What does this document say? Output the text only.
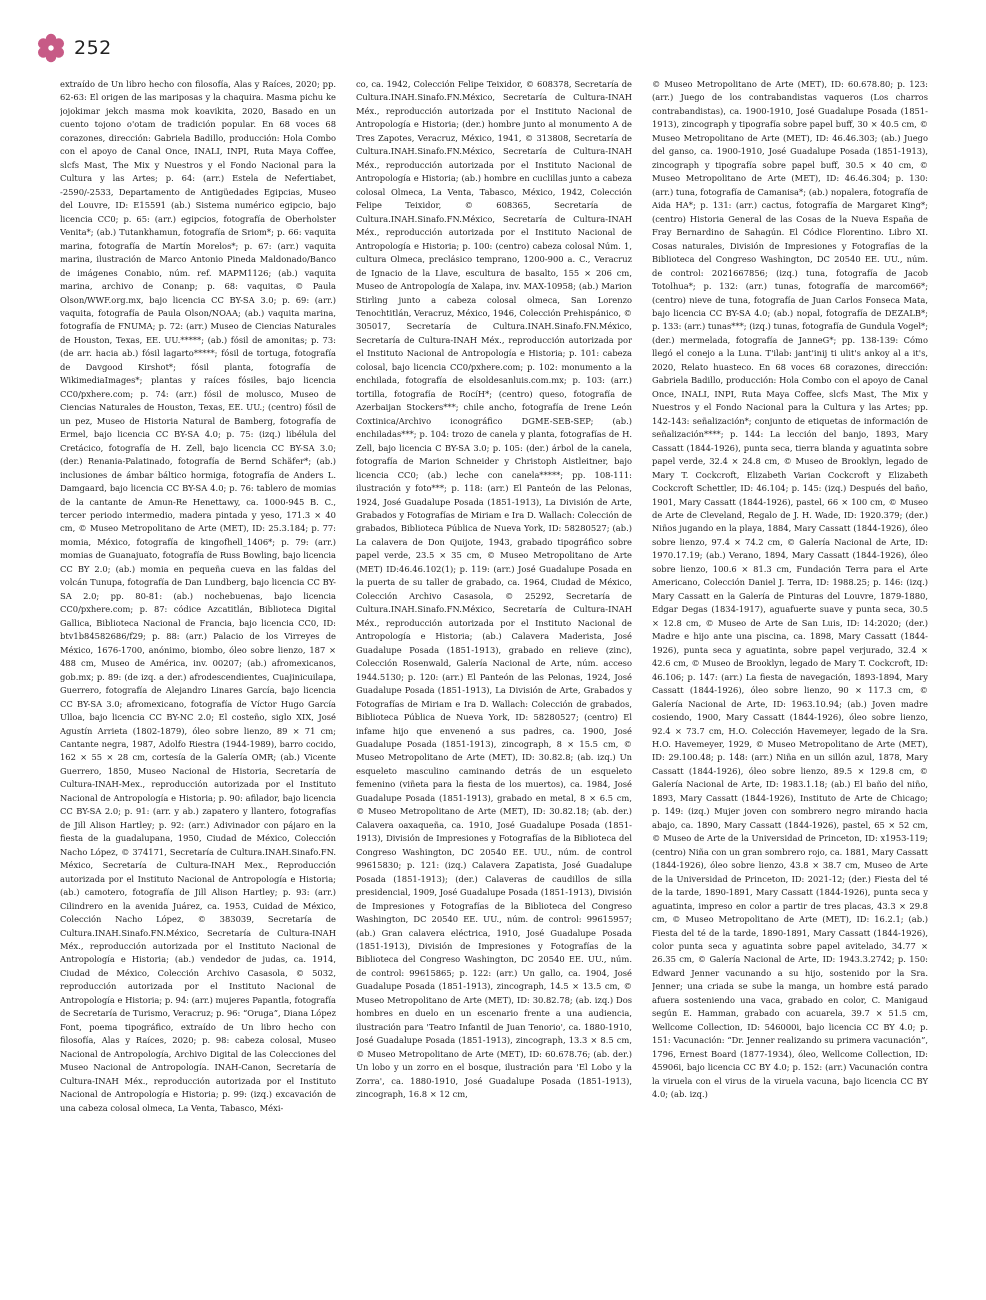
252

extraído de Un libro hecho con filosofía, Alas y Raíces, 2020; pp. 62-63: El origen de las mariposas y la chaquira. Masma pichu ke jojokimar jekch masma mok koavikita, 2020, Basado en un cuento tojono o'otam de tradición popular. En 68 voces 68 corazones, dirección: Gabriela Badillo, producción: Hola Combo con el apoyo de Canal Once, INALI, INPI, Ruta Maya Coffee, slcfs Mast, The Mix y Nuestros y el Fondo Nacional para la Cultura y las Artes; p. 64: (arr.) Estela de Nefertiabet, -2590/-2533, Departamento de Antigüedades Egipcias, Museo del Louvre, ID: E15591 (ab.) Sistema numérico egipcio, bajo licencia CC0; p. 65: (arr.) egipcios, fotografía de Oberholster Venita*; (ab.) Tutankhamun, fotografía de Sriom*; p. 66: vaquita marina, fotografía de Martín Morelos*; p. 67: (arr.) vaquita marina, ilustración de Marco Antonio Pineda Maldonado/Banco de imágenes Conabio, núm. ref. MAPM1126; (ab.) vaquita marina, archivo de Conanp; p. 68: vaquitas, © Paula Olson/WWF.org.mx, bajo licencia CC BY-SA 3.0; p. 69: (arr.) vaquita, fotografía de Paula Olson/NOAA; (ab.) vaquita marina, fotografía de FNUMA; p. 72: (arr.) Museo de Ciencias Naturales de Houston, Texas, EE. UU.*****; (ab.) fósil de amonitas; p. 73: (de arr. hacia ab.) fósil lagarto*****; fósil de tortuga, fotografía de Davgood Kirshot*; fósil planta, fotografía de WikimediaImages*; plantas y raíces fósiles, bajo licencia CC0/pxhere.com; p. 74: (arr.) fósil de molusco, Museo de Ciencias Naturales de Houston, Texas, EE. UU.; (centro) fósil de un pez, Museo de Historia Natural de Bamberg, fotografía de Ermel, bajo licencia CC BY-SA 4.0; p. 75: (izq.) libélula del Cretácico, fotografía de H. Zell, bajo licencia CC BY-SA 3.0; (der.) Renania-Palatinado, fotografía de Bernd Schäfer*; (ab.) inclusiones de ámbar báltico hormiga, fotografía de Anders L. Damgaard, bajo licencia CC BY-SA 4.0; p. 76: tablero de momias de la cantante de Amun-Re Henettawy, ca. 1000-945 B. C., tercer periodo intermedio, madera pintada y yeso, 171.3 × 40 cm, © Museo Metropolitano de Arte (MET), ID: 25.3.184; p. 77: momia, México, fotografía de kingofhell_1406*; p. 79: (arr.) momias de Guanajuato, fotografía de Russ Bowling, bajo licencia CC BY 2.0; (ab.) momia en pequeña cueva en las faldas del volcán Tunupa, fotografía de Dan Lundberg, bajo licencia CC BY-SA 2.0; pp. 80-81: (ab.) nochebuenas, bajo licencia CC0/pxhere.com; p. 87: códice Azcatitlán, Biblioteca Digital Gallica, Biblioteca Nacional de Francia, bajo licencia CC0, ID: btv1b84582686/f29; p. 88: (arr.) Palacio de los Virreyes de México, 1676-1700, anónimo, biombo, óleo sobre lienzo, 187 × 488 cm, Museo de América, inv. 00207; (ab.) afromexicanos, gob.mx; p. 89: (de izq. a der.) afrodescendientes, Cuajinicuilapa, Guerrero, fotografía de Alejandro Linares García, bajo licencia CC BY-SA 3.0; afromexicano, fotografía de Víctor Hugo García Ulloa, bajo licencia CC BY-NC 2.0; El costeño, siglo XIX, José Agustín Arrieta (1802-1879), óleo sobre lienzo, 89 × 71 cm; Cantante negra, 1987, Adolfo Riestra (1944-1989), barro cocido, 162 × 55 × 28 cm, cortesía de la Galería OMR; (ab.) Vicente Guerrero, 1850, Museo Nacional de Historia, Secretaría de Cultura-INAH-Mex., reproducción autorizada por el Instituto Nacional de Antropología e Historia; p. 90: afilador, bajo licencia CC BY-SA 2.0; p. 91: (arr. y ab.) zapatero y llantero, fotografías de Jill Alison Hartley; p. 92: (arr.) Adivinador con pájaro en la fiesta de la guadalupana, 1950, Ciudad de México, Colección Nacho López, © 374171, Secretaría de Cultura.INAH.Sinafo.FN. México, Secretaría de Cultura-INAH Mex., Reproducción autorizada por el Instituto Nacional de Antropología e Historia; (ab.) camotero, fotografía de Jill Alison Hartley; p. 93: (arr.) Cilindrero en la avenida Juárez, ca. 1953, Cuidad de México, Colección Nacho López, © 383039, Secretaría de Cultura.INAH.Sinafo.FN.México, Secretaría de Cultura-INAH Méx., reproducción autorizada por el Instituto Nacional de Antropología e Historia; (ab.) vendedor de judas, ca. 1914, Ciudad de México, Colección Archivo Casasola, © 5032, reproducción autorizada por el Instituto Nacional de Antropología e Historia; p. 94: (arr.) mujeres Papantla, fotografía de Secretaría de Turismo, Veracruz; p. 96: “Oruga”, Diana López Font, poema tipográfico, extraído de Un libro hecho con filosofía, Alas y Raíces, 2020; p. 98: cabeza colosal, Museo Nacional de Antropología, Archivo Digital de las Colecciones del Museo Nacional de Antropología. INAH-Canon, Secretaría de Cultura-INAH Méx., reproducción autorizada por el Instituto Nacional de Antropología e Historia; p. 99: (izq.) excavación de una cabeza colosal olmeca, La Venta, Tabasco, Méxi-

co, ca. 1942, Colección Felipe Teixidor, © 608378, Secretaría de Cultura.INAH.Sinafo.FN.México, Secretaría de Cultura-INAH Méx., reproducción autorizada por el Instituto Nacional de Antropología e Historia; (der.) hombre junto al monumento A de Tres Zapotes, Veracruz, México, 1941, © 313808, Secretaría de Cultura.INAH.Sinafo.FN.México, Secretaría de Cultura-INAH Méx., reproducción autorizada por el Instituto Nacional de Antropología e Historia; (ab.) hombre en cuclillas junto a cabeza colosal Olmeca, La Venta, Tabasco, México, 1942, Colección Felipe Teixidor, © 608365, Secretaría de Cultura.INAH.Sinafo.FN.México, Secretaría de Cultura-INAH Méx., reproducción autorizada por el Instituto Nacional de Antropología e Historia; p. 100: (centro) cabeza colosal Núm. 1, cultura Olmeca, preclásico temprano, 1200-900 a. C., Veracruz de Ignacio de la Llave, escultura de basalto, 155 × 206 cm, Museo de Antropología de Xalapa, inv. MAX-10958; (ab.) Marion Stirling junto a cabeza colosal olmeca, San Lorenzo Tenochtitlán, Veracruz, México, 1946, Colección Prehispánico, © 305017, Secretaría de Cultura.INAH.Sinafo.FN.México, Secretaría de Cultura-INAH Méx., reproducción autorizada por el Instituto Nacional de Antropología e Historia; p. 101: cabeza colosal, bajo licencia CC0/pxhere.com; p. 102: monumento a la enchilada, fotografía de elsoldesanluis.com.mx; p. 103: (arr.) tortilla, fotografía de RocíH*; (centro) queso, fotografía de Azerbaijan Stockers***; chile ancho, fotografía de Irene León Coxtinica/Archivo iconográfico DGME-SEB-SEP; (ab.) enchiladas***; p. 104: trozo de canela y planta, fotografías de H. Zell, bajo licencia C BY-SA 3.0; p. 105: (der.) árbol de la canela, fotografía de Marion Schneider y Christoph Aistleitner, bajo licencia CC0; (ab.) leche con canela*****; pp. 108-111: ilustración y foto***; p. 118: (arr.) El Panteón de las Pelonas, 1924, José Guadalupe Posada (1851-1913), La División de Arte, Grabados y Fotografías de Miriam e Ira D. Wallach: Colección de grabados, Biblioteca Pública de Nueva York, ID: 58280527; (ab.) La calavera de Don Quijote, 1943, grabado tipográfico sobre papel verde, 23.5 × 35 cm, © Museo Metropolitano de Arte (MET) ID:46.46.102(1); p. 119: (arr.) José Guadalupe Posada en la puerta de su taller de grabado, ca. 1964, Ciudad de México, Colección Archivo Casasola, © 25292, Secretaría de Cultura.INAH.Sinafo.FN.México, Secretaría de Cultura-INAH Méx., reproducción autorizada por el Instituto Nacional de Antropología e Historia; (ab.) Calavera Maderista, José Guadalupe Posada (1851-1913), grabado en relieve (zinc), Colección Rosenwald, Galería Nacional de Arte, núm. acceso 1944.5130; p. 120: (arr.) El Panteón de las Pelonas, 1924, José Guadalupe Posada (1851-1913), La División de Arte, Grabados y Fotografías de Miriam e Ira D. Wallach: Colección de grabados, Biblioteca Pública de Nueva York, ID: 58280527; (centro) El infame hijo que envenenó a sus padres, ca. 1900, José Guadalupe Posada (1851-1913), zincograph, 8 × 15.5 cm, © Museo Metropolitano de Arte (MET), ID: 30.82.8; (ab. izq.) Un esqueleto masculino caminando detrás de un esqueleto femenino (viñeta para la fiesta de los muertos), ca. 1984, José Guadalupe Posada (1851-1913), grabado en metal, 8 × 6.5 cm, © Museo Metropolitano de Arte (MET), ID: 30.82.18; (ab. der.) Calavera oaxaqueña, ca. 1910, José Guadalupe Posada (1851-1913), División de Impresiones y Fotografías de la Biblioteca del Congreso Washington, DC 20540 EE. UU., núm. de control 99615830; p. 121: (izq.) Calavera Zapatista, José Guadalupe Posada (1851-1913); (der.) Calaveras de caudillos de silla presidencial, 1909, José Guadalupe Posada (1851-1913), División de Impresiones y Fotografías de la Biblioteca del Congreso Washington, DC 20540 EE. UU., núm. de control: 99615957; (ab.) Gran calavera eléctrica, 1910, José Guadalupe Posada (1851-1913), División de Impresiones y Fotografías de la Biblioteca del Congreso Washington, DC 20540 EE. UU., núm. de control: 99615865; p. 122: (arr.) Un gallo, ca. 1904, José Guadalupe Posada (1851-1913), zincograph, 14.5 × 13.5 cm, © Museo Metropolitano de Arte (MET), ID: 30.82.78; (ab. izq.) Dos hombres en duelo en un escenario frente a una audiencia, ilustración para 'Teatro Infantil de Juan Tenorio', ca. 1880-1910, José Guadalupe Posada (1851-1913), zincograph, 13.3 × 8.5 cm, © Museo Metropolitano de Arte (MET), ID: 60.678.76; (ab. der.) Un lobo y un zorro en el bosque, ilustración para 'El Lobo y la Zorra', ca. 1880-1910, José Guadalupe Posada (1851-1913), zincograph, 16.8 × 12 cm,

© Museo Metropolitano de Arte (MET), ID: 60.678.80; p. 123: (arr.) Juego de los contrabandistas vaqueros (Los charros contrabandistas), ca. 1900-1910, José Guadalupe Posada (1851-1913), zincograph y tipografía sobre papel buff, 30 × 40.5 cm, © Museo Metropolitano de Arte (MET), ID: 46.46.303; (ab.) Juego del ganso, ca. 1900-1910, José Guadalupe Posada (1851-1913), zincograph y tipografía sobre papel buff, 30.5 × 40 cm, © Museo Metropolitano de Arte (MET), ID: 46.46.304; p. 130: (arr.) tuna, fotografía de Camanisa*; (ab.) nopalera, fotografía de Aida HA*; p. 131: (arr.) cactus, fotografía de Margaret King*; (centro) Historia General de las Cosas de la Nueva España de Fray Bernardino de Sahagún. El Códice Florentino. Libro XI. Cosas naturales, División de Impresiones y Fotografías de la Biblioteca del Congreso Washington, DC 20540 EE. UU., núm. de control: 2021667856; (izq.) tuna, fotografía de Jacob Totolhua*; p. 132: (arr.) tunas, fotografía de marcom66*; (centro) nieve de tuna, fotografía de Juan Carlos Fonseca Mata, bajo licencia CC BY-SA 4.0; (ab.) nopal, fotografía de DEZALB*; p. 133: (arr.) tunas***; (izq.) tunas, fotografía de Gundula Vogel*; (der.) mermelada, fotografía de JanneG*; pp. 138-139: Cómo llegó el conejo a la Luna. T'ilab: jant'inij ti ulit's ankoy al a it's, 2020, Relato huasteco. En 68 voces 68 corazones, dirección: Gabriela Badillo, producción: Hola Combo con el apoyo de Canal Once, INALI, INPI, Ruta Maya Coffee, slcfs Mast, The Mix y Nuestros y el Fondo Nacional para la Cultura y las Artes; pp. 142-143: señalización*; conjunto de etiquetas de información de señalización****; p. 144: La lección del banjo, 1893, Mary Cassatt (1844-1926), punta seca, tierra blanda y aguatinta sobre papel verde, 32.4 × 24.8 cm, © Museo de Brooklyn, legado de Mary T. Cockcroft, Elizabeth Varian Cockcroft y Elizabeth Cockcroft Schettler, ID: 46.104; p. 145: (izq.) Después del baño, 1901, Mary Cassatt (1844-1926), pastel, 66 × 100 cm, © Museo de Arte de Cleveland, Regalo de J. H. Wade, ID: 1920.379; (der.) Niños jugando en la playa, 1884, Mary Cassatt (1844-1926), óleo sobre lienzo, 97.4 × 74.2 cm, © Galería Nacional de Arte, ID: 1970.17.19; (ab.) Verano, 1894, Mary Cassatt (1844-1926), óleo sobre lienzo, 100.6 × 81.3 cm, Fundación Terra para el Arte Americano, Colección Daniel J. Terra, ID: 1988.25; p. 146: (izq.) Mary Cassatt en la Galería de Pinturas del Louvre, 1879-1880, Edgar Degas (1834-1917), aguafuerte suave y punta seca, 30.5 × 12.8 cm, © Museo de Arte de San Luis, ID: 14:2020; (der.) Madre e hijo ante una piscina, ca. 1898, Mary Cassatt (1844-1926), punta seca y aguatinta, sobre papel verjurado, 32.4 × 42.6 cm, © Museo de Brooklyn, legado de Mary T. Cockcroft, ID: 46.106; p. 147: (arr.) La fiesta de navegación, 1893-1894, Mary Cassatt (1844-1926), óleo sobre lienzo, 90 × 117.3 cm, © Galería Nacional de Arte, ID: 1963.10.94; (ab.) Joven madre cosiendo, 1900, Mary Cassatt (1844-1926), óleo sobre lienzo, 92.4 × 73.7 cm, H.O. Colección Havemeyer, legado de la Sra. H.O. Havemeyer, 1929, © Museo Metropolitano de Arte (MET), ID: 29.100.48; p. 148: (arr.) Niña en un sillón azul, 1878, Mary Cassatt (1844-1926), óleo sobre lienzo, 89.5 × 129.8 cm, © Galería Nacional de Arte, ID: 1983.1.18; (ab.) El baño del niño, 1893, Mary Cassatt (1844-1926), Instituto de Arte de Chicago; p. 149: (izq.) Mujer joven con sombrero negro mirando hacia abajo, ca. 1890, Mary Cassatt (1844-1926), pastel, 65 × 52 cm, © Museo de Arte de la Universidad de Princeton, ID: x1953-119; (centro) Niña con un gran sombrero rojo, ca. 1881, Mary Cassatt (1844-1926), óleo sobre lienzo, 43.8 × 38.7 cm, Museo de Arte de la Universidad de Princeton, ID: 2021-12; (der.) Fiesta del té de la tarde, 1890-1891, Mary Cassatt (1844-1926), punta seca y aguatinta, impreso en color a partir de tres placas, 43.3 × 29.8 cm, © Museo Metropolitano de Arte (MET), ID: 16.2.1; (ab.) Fiesta del té de la tarde, 1890-1891, Mary Cassatt (1844-1926), color punta seca y aguatinta sobre papel avitelado, 34.77 × 26.35 cm, © Galería Nacional de Arte, ID: 1943.3.2742; p. 150: Edward Jenner vacunando a su hijo, sostenido por la Sra. Jenner; una criada se sube la manga, un hombre está parado afuera sosteniendo una vaca, grabado en color, C. Manigaud según E. Hamman, grabado con acuarela, 39.7 × 51.5 cm, Wellcome Collection, ID: 546000i, bajo licencia CC BY 4.0; p. 151: Vacunación: “Dr. Jenner realizando su primera vacunación”, 1796, Ernest Board (1877-1934), óleo, Wellcome Collection, ID: 45906i, bajo licencia CC BY 4.0; p. 152: (arr.) Vacunación contra la viruela con el virus de la viruela vacuna, bajo licencia CC BY 4.0; (ab. izq.)
